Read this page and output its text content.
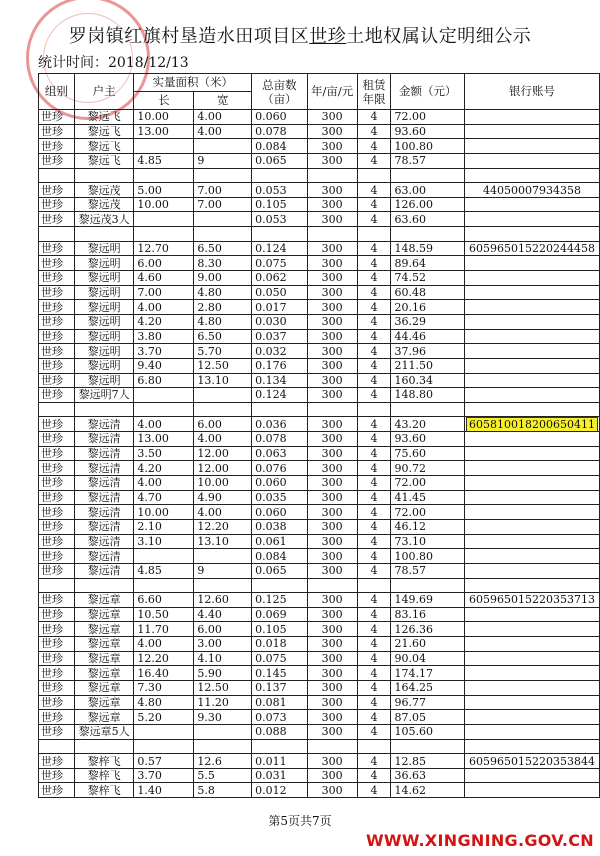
罗岗镇红旗村垦造水田项目区世珍土地权属认定明细公示
统计时间：2018/12/13
组别	户主	实量面积（米）		总亩数（亩）	年/亩/元	租赁年限	金额（元）	银行账号
		长	宽					
世珍	黎远飞	10.00	4.00	0.060	300	4	72.00	
世珍	黎远飞	13.00	4.00	0.078	300	4	93.60	
世珍	黎远飞			0.084	300	4	100.80	
世珍	黎远飞	4.85	9	0.065	300	4	78.57	

世珍	黎远茂	5.00	7.00	0.053	300	4	63.00	44050007934358
世珍	黎远茂	10.00	7.00	0.105	300	4	126.00	
世珍	黎远茂3人			0.053	300	4	63.60	

世珍	黎远明	12.70	6.50	0.124	300	4	148.59	605965015220244458
世珍	黎远明	6.00	8.30	0.075	300	4	89.64	
世珍	黎远明	4.60	9.00	0.062	300	4	74.52	
世珍	黎远明	7.00	4.80	0.050	300	4	60.48	
世珍	黎远明	4.00	2.80	0.017	300	4	20.16	
世珍	黎远明	4.20	4.80	0.030	300	4	36.29	
世珍	黎远明	3.80	6.50	0.037	300	4	44.46	
世珍	黎远明	3.70	5.70	0.032	300	4	37.96	
世珍	黎远明	9.40	12.50	0.176	300	4	211.50	
世珍	黎远明	6.80	13.10	0.134	300	4	160.34	
世珍	黎远明7人			0.124	300	4	148.80	

世珍	黎远清	4.00	6.00	0.036	300	4	43.20	605810018200650411
世珍	黎远清	13.00	4.00	0.078	300	4	93.60	
世珍	黎远清	3.50	12.00	0.063	300	4	75.60	
世珍	黎远清	4.20	12.00	0.076	300	4	90.72	
世珍	黎远清	4.00	10.00	0.060	300	4	72.00	
世珍	黎远清	4.70	4.90	0.035	300	4	41.45	
世珍	黎远清	10.00	4.00	0.060	300	4	72.00	
世珍	黎远清	2.10	12.20	0.038	300	4	46.12	
世珍	黎远清	3.10	13.10	0.061	300	4	73.10	
世珍	黎远清			0.084	300	4	100.80	
世珍	黎远清	4.85	9	0.065	300	4	78.57	

世珍	黎远章	6.60	12.60	0.125	300	4	149.69	605965015220353713
世珍	黎远章	10.50	4.40	0.069	300	4	83.16	
世珍	黎远章	11.70	6.00	0.105	300	4	126.36	
世珍	黎远章	4.00	3.00	0.018	300	4	21.60	
世珍	黎远章	12.20	4.10	0.075	300	4	90.04	
世珍	黎远章	16.40	5.90	0.145	300	4	174.17	
世珍	黎远章	7.30	12.50	0.137	300	4	164.25	
世珍	黎远章	4.80	11.20	0.081	300	4	96.77	
世珍	黎远章	5.20	9.30	0.073	300	4	87.05	
世珍	黎远章5人			0.088	300	4	105.60	

世珍	黎梓飞	0.57	12.6	0.011	300	4	12.85	605965015220353844
世珍	黎梓飞	3.70	5.5	0.031	300	4	36.63	
世珍	黎梓飞	1.40	5.8	0.012	300	4	14.62	
第5页共7页
WWW.XINGNING.GOV.CN
